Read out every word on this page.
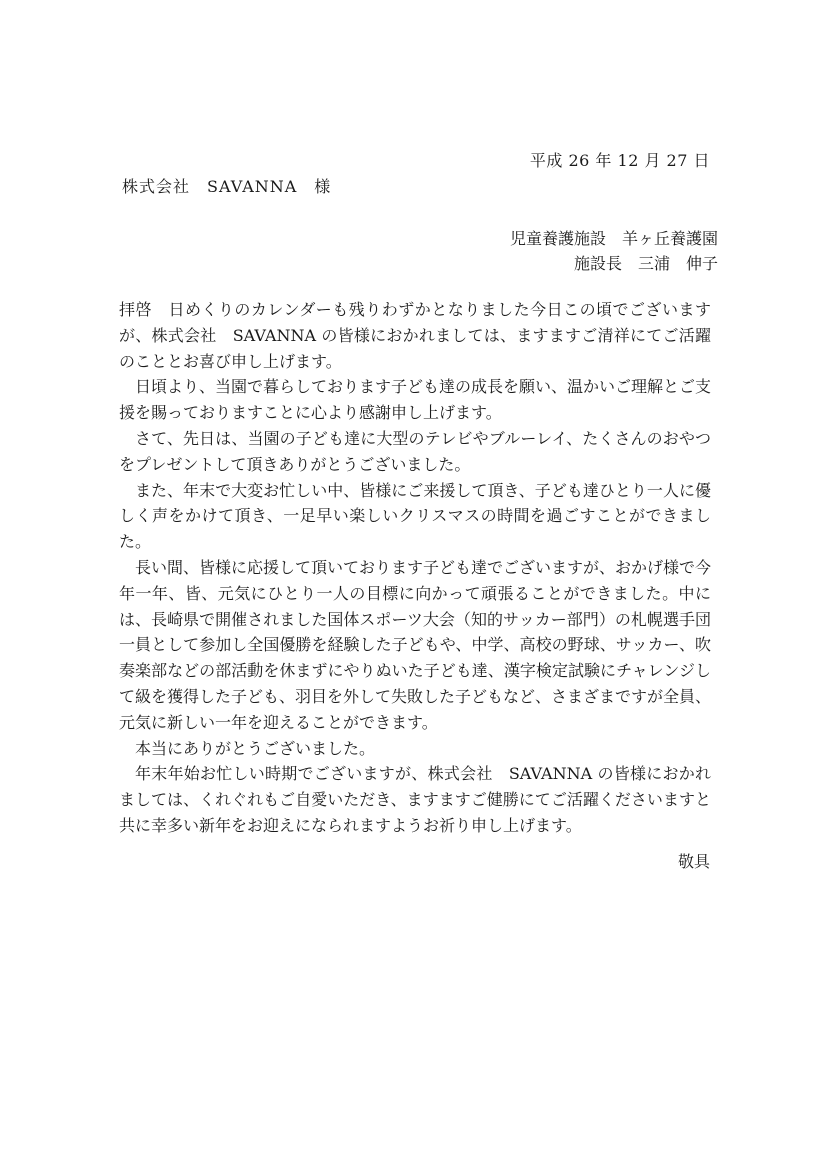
平成 26 年 12 月 27 日
株式会社　SAVANNA　様
児童養護施設　羊ヶ丘養護園
施設長　三浦　伸子

拝啓　日めくりのカレンダーも残りわずかとなりました今日この頃でございますが、株式会社　SAVANNA の皆様におかれましては、ますますご清祥にてご活躍のこととお喜び申し上げます。

日頃より、当園で暮らしております子ども達の成長を願い、温かいご理解とご支援を賜っておりますことに心より感謝申し上げます。

さて、先日は、当園の子ども達に大型のテレビやブルーレイ、たくさんのおやつをプレゼントして頂きありがとうございました。

また、年末で大変お忙しい中、皆様にご来援して頂き、子ども達ひとり一人に優しく声をかけて頂き、一足早い楽しいクリスマスの時間を過ごすことができました。

長い間、皆様に応援して頂いております子ども達でございますが、おかげ様で今年一年、皆、元気にひとり一人の目標に向かって頑張ることができました。中には、長崎県で開催されました国体スポーツ大会（知的サッカー部門）の札幌選手団一員として参加し全国優勝を経験した子どもや、中学、高校の野球、サッカー、吹奏楽部などの部活動を休まずにやりぬいた子ども達、漢字検定試験にチャレンジして級を獲得した子ども、羽目を外して失敗した子どもなど、さまざまですが全員、元気に新しい一年を迎えることができます。

本当にありがとうございました。

年末年始お忙しい時期でございますが、株式会社　SAVANNA の皆様におかれましては、くれぐれもご自愛いただき、ますますご健勝にてご活躍くださいますと共に幸多い新年をお迎えになられますようお祈り申し上げます。

敬具
